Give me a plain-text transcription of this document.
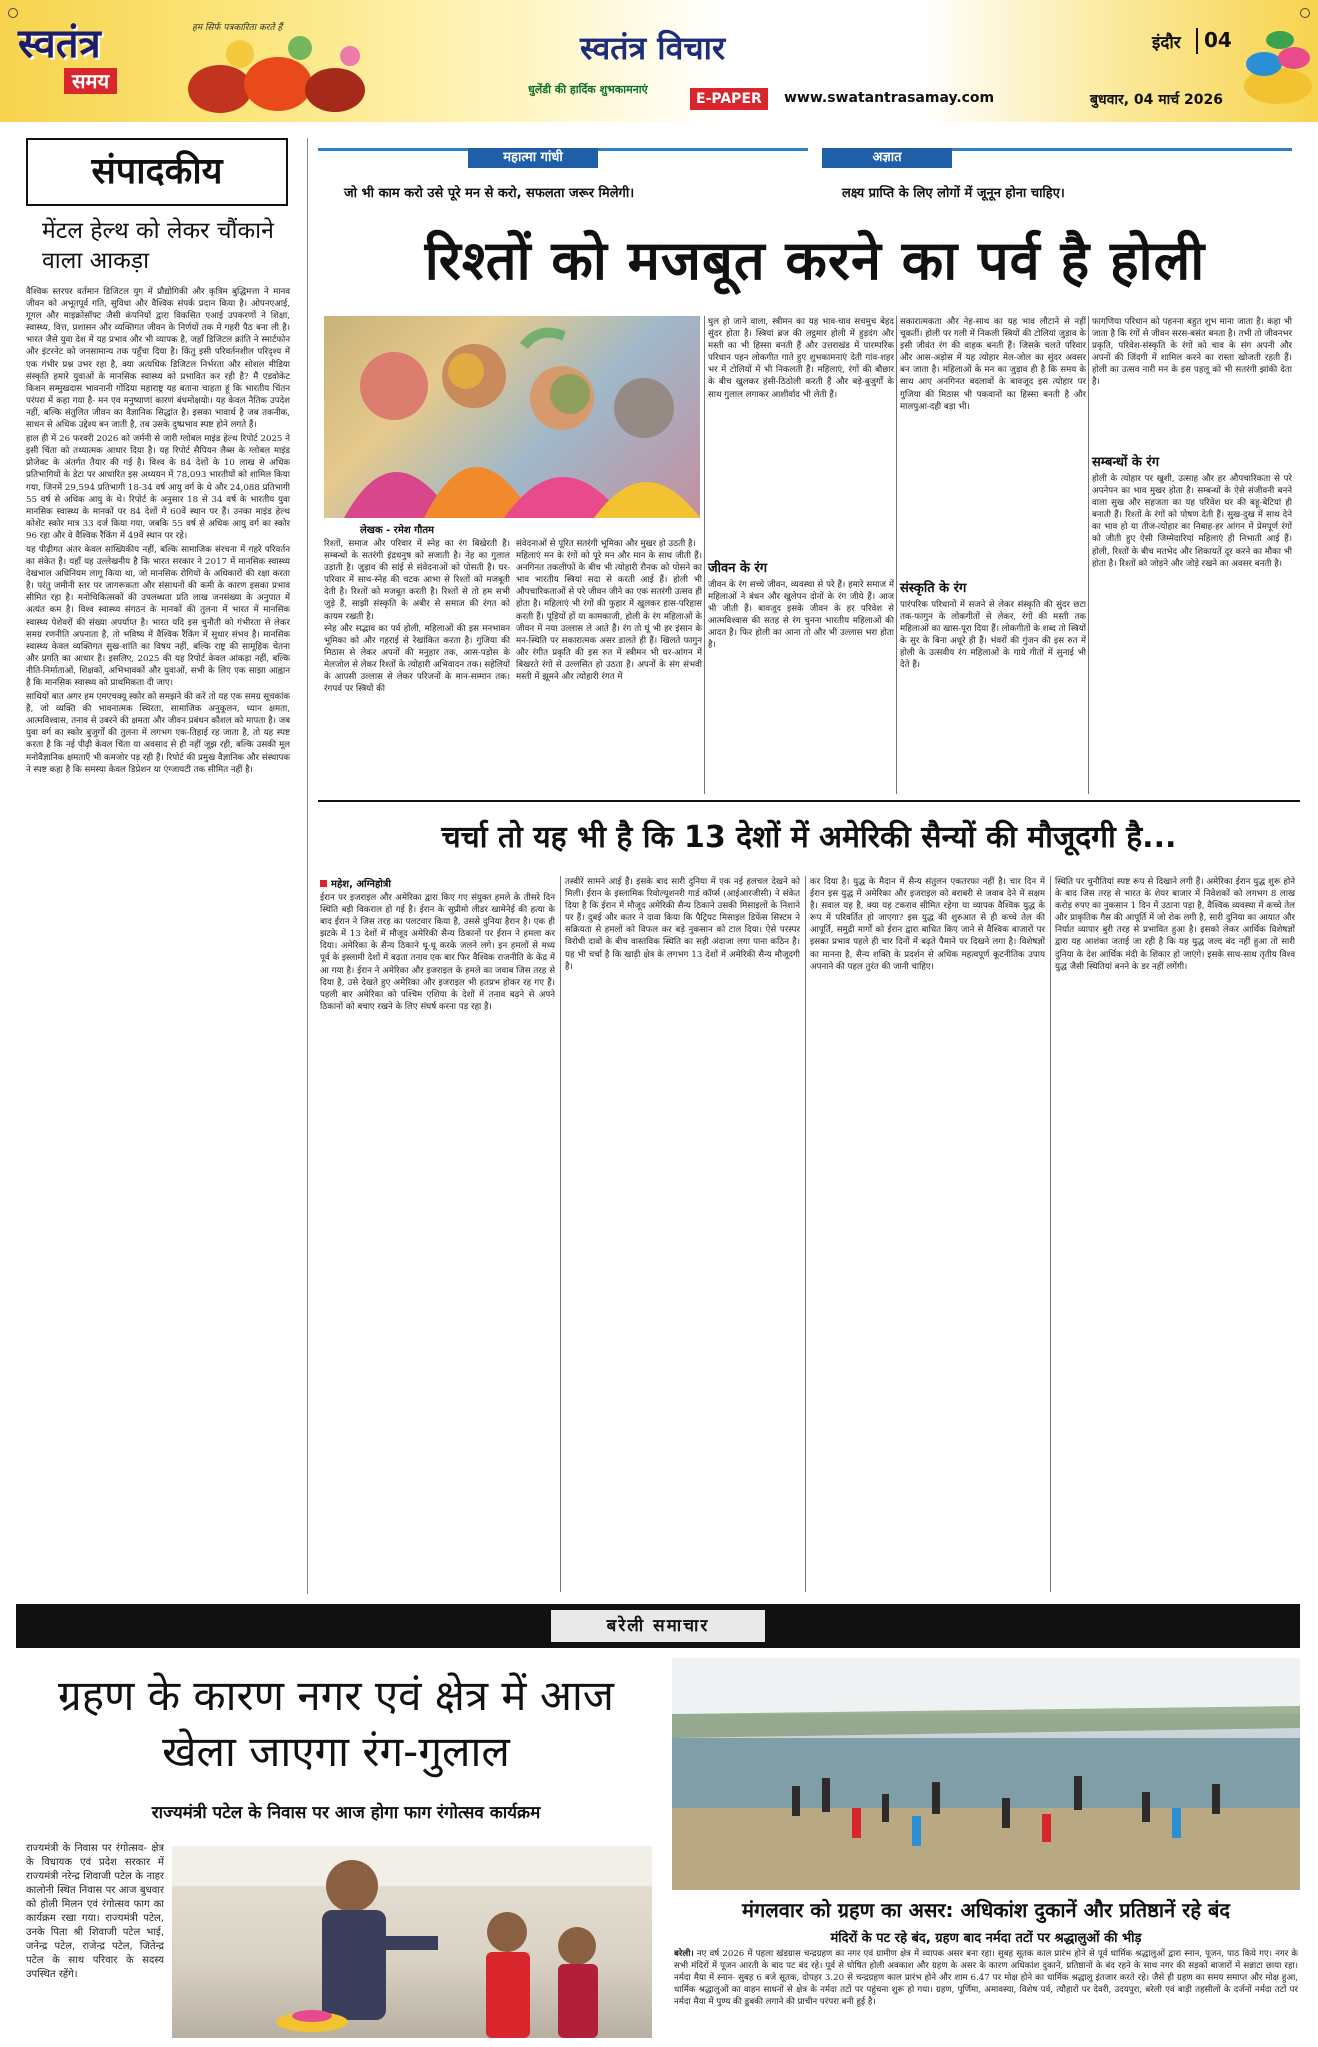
स्वतंत्र
समय
हम सिर्फ पत्रकारिता करते हैं
स्वतंत्र विचार
धुलेंडी की हार्दिक शुभकामनाएं
E-PAPER	www.swatantrasamay.com
इंदौर 04
बुधवार, 04 मार्च 2026
संपादकीय
मेंटल हेल्थ को लेकर चौंकाने वाला आकड़ा

वैश्विक स्तरपर वर्तमान डिजिटल युग में प्रौद्योगिकी और कृत्रिम बुद्धिमत्ता ने मानव जीवन को अभूतपूर्व गति, सुविधा और वैश्विक संपर्क प्रदान किया है। ओपनएआई, गूगल और माइक्रोसॉफ्ट जैसी कंपनियों द्वारा विकसित एआई उपकरणों ने शिक्षा, स्वास्थ्य, वित्त, प्रशासन और व्यक्तिगत जीवन के निर्णयों तक में गहरी पैठ बना ली है। भारत जैसे युवा देश में यह प्रभाव और भी व्यापक है, जहाँ डिजिटल क्रांति ने स्मार्टफोन और इंटरनेट को जनसामान्य तक पहुँचा दिया है। किंतु इसी परिवर्तनशील परिदृश्य में एक गंभीर प्रश्न उभर रहा है, क्या अत्यधिक डिजिटल निर्भरता और सोशल मीडिया संस्कृति हमारे युवाओं के मानसिक स्वास्थ्य को प्रभावित कर रही है? मैं एडवोकेट किशन सम्मुखदास भावनानी गोंदिया महाराष्ट्र यह बताना चाहता हूं कि भारतीय चिंतन परंपरा में कहा गया है- मन एव मनुष्याणां कारणं बंधमोक्षयोः। यह केवल नैतिक उपदेश नहीं, बल्कि संतुलित जीवन का वैज्ञानिक सिद्धांत है। इसका भावार्थ है जब तकनीक, साधन से अधिक उद्देश्य बन जाती है, तब उसके दुष्प्रभाव स्पष्ट होने लगते हैं।

हाल ही में 26 फरवरी 2026 को जर्मनी से जारी ग्लोबल माइंड हेल्थ रिपोर्ट 2025 ने इसी चिंता को तथ्यात्मक आधार दिया है। यह रिपोर्ट सैपियन लैब्स के ग्लोबल माइंड प्रोजेक्ट के अंतर्गत तैयार की गई है। विश्व के 84 देशों के 10 लाख से अधिक प्रतिभागियों के डेटा पर आधारित इस अध्ययन में 78,093 भारतीयों को शामिल किया गया, जिनमें 29,594 प्रतिभागी 18-34 वर्ष आयु वर्ग के थे और 24,088 प्रतिभागी 55 वर्ष से अधिक आयु के थे। रिपोर्ट के अनुसार 18 से 34 वर्ष के भारतीय युवा मानसिक स्वास्थ्य के मानकों पर 84 देशों में 60वें स्थान पर हैं। उनका माइंड हेल्थ कोशेंट स्कोर मात्र 33 दर्ज किया गया, जबकि 55 वर्ष से अधिक आयु वर्ग का स्कोर 96 रहा और वे वैश्विक रैंकिंग में 49वें स्थान पर रहे।

यह पीढ़ीगत अंतर केवल सांख्यिकीय नहीं, बल्कि सामाजिक संरचना में गहरे परिवर्तन का संकेत है। यहाँ यह उल्लेखनीय है कि भारत सरकार ने 2017 में मानसिक स्वास्थ्य देखभाल अधिनियम लागू किया था, जो मानसिक रोगियों के अधिकारों की रक्षा करता है। परंतु जमीनी स्तर पर जागरूकता और संसाधनों की कमी के कारण इसका प्रभाव सीमित रहा है। मनोचिकित्सकों की उपलब्धता प्रति लाख जनसंख्या के अनुपात में अत्यंत कम है। विश्व स्वास्थ्य संगठन के मानकों की तुलना में भारत में मानसिक स्वास्थ्य पेशेवरों की संख्या अपर्याप्त है। भारत यदि इस चुनौती को गंभीरता से लेकर समग्र रणनीति अपनाता है, तो भविष्य में वैश्विक रैंकिंग में सुधार संभव है। मानसिक स्वास्थ्य केवल व्यक्तिगत सुख-शांति का विषय नहीं, बल्कि राष्ट्र की सामूहिक चेतना और प्रगति का आधार है। इसलिए, 2025 की यह रिपोर्ट केवल आंकड़ा नहीं, बल्कि नीति-निर्माताओं, शिक्षकों, अभिभावकों और युवाओं, सभी के लिए एक साझा आह्वान है कि मानसिक स्वास्थ्य को प्राथमिकता दी जाए।

साथियों बात अगर हम एमएचक्यू स्कोर को समझने की करें तो यह एक समग्र सूचकांक है, जो व्यक्ति की भावनात्मक स्थिरता, सामाजिक अनुकूलन, ध्यान क्षमता, आत्मविश्वास, तनाव से उबरने की क्षमता और जीवन प्रबंधन कौशल को मापता है। जब युवा वर्ग का स्कोर बुजुर्गों की तुलना में लगभग एक-तिहाई रह जाता है, तो यह स्पष्ट करता है कि नई पीढ़ी केवल चिंता या अवसाद से ही नहीं जूझ रही, बल्कि उसकी मूल मनोवैज्ञानिक क्षमताएँ भी कमजोर पड़ रही हैं। रिपोर्ट की प्रमुख वैज्ञानिक और संस्थापक ने स्पष्ट कहा है कि समस्या केवल डिप्रेशन या एंग्जायटी तक सीमित नहीं है।

महात्मा गांधी
जो भी काम करो उसे पूरे मन से करो, सफलता जरूर मिलेगी।
अज्ञात
लक्ष्य प्राप्ति के लिए लोगों में जूनून होना चाहिए।
रिश्तों को मजबूत करने का पर्व है होली
लेखक - रमेश गौतम
रिश्तों, समाज और परिवार में स्नेह का रंग बिखेरती है। सम्बन्धों के सतरंगी इंद्रधनुष को सजाती है। नेह का गुलाल उड़ाती है। जुड़ाव की सांई से संवेदनाओं को पोसती है। घर-परिवार में साथ-स्नेह की चटक आभा से रिश्तों को मजबूती देती है। रिश्तों को मजबूत करती है। रिश्तों से तो हम सभी जुड़े हैं, साझी संस्कृति के अबीर से समाज की रंगत को कायम रखती है।
स्नेह और सद्भाव का पर्व होली, महिलाओं की इस मनभावन भूमिका को और गहराई से रेखांकित करता है। गुजिया की मिठास से लेकर अपनों की मनुहार तक, आस-पड़ोस के मेलजोल से लेकर रिश्तों के त्योहारी अभिवादन तक। सहेलियों के आपसी उल्लास से लेकर परिजनों के मान-सम्मान तक। रंगपर्व पर स्त्रियों की
संवेदनाओं से पूरित सतरंगी भूमिका और मुखर हो उठती है।
महिलाएं मन के रंगों को पूरे मन और मान के साथ जीती हैं। अनगिनत तकलीफों के बीच भी त्योहारी रौनक को पोसने का भाव भारतीय स्त्रियां सदा से करती आई हैं। होली भी औपचारिकताओं से परे जीवन जीने का एक सतरंगी उत्सव ही होता है। महिलाएं भी रंगों की फुहार में खुलकर हास-परिहास करती हैं। पूड़ियों हों या कामकाजी, होली के रंग महिलाओं के जीवन में नया उल्लास ले आते हैं। रंग तो घूं भी हर इंसान के मन-स्थिति पर सकारात्मक असर डालते ही हैं। खिलते फागुन और रंगीत प्रकृति की इस रुत में स्त्रीमन भी घर-आंगन में बिखरते रंगों से उल्लसित हो उठता है। अपनों के संग संभवी मस्ती में झूमने और त्योहारी रंगत में
घुल हो जाने वाला, स्त्रीमन का यह भाव-चाव सचमुच बेहद सुंदर होता है। स्त्रियां ब्रज की लट्ठमार होली में हुड़दंग और मस्ती का भी हिस्सा बनती हैं और उत्तराखंड में पारम्परिक परिधान पहन लोकगीत गाते हुए शुभकामनाएं देती गांव-शहर भर में टोलियों में भी निकलती हैं। महिलाएं, रंगों की बौछार के बीच खुलकर हंसी-ठिठोली करती हैं और बड़े-बुजुर्गों के साथ गुलाल लगाकर आशीर्वाद भी लेती हैं।
जीवन के रंग
जीवन के रंग सच्चे जीवन, व्यवस्था से परे हैं। हमारे समाज में महिलाओं ने बंधन और खुलेपन दोनों के रंग जीये हैं। आज भी जीती हैं। बावजूद इसके जीवन के हर परिवेश से आत्मविश्वास की सतह से रंग चुनना भारतीय महिलाओं की आदत है। फिर होली का आना तो और भी उल्लास भरा होता है।
सकारात्मकता और नेह-साथ का यह भाव लौटाने से नहीं चूकतीं। होली पर गली में निकली स्त्रियों की टोलियां जुड़ाव के इसी जीवंत रंग की वाहक बनती हैं। जिसके चलते परिवार और आस-अड़ोस में यह त्योहार मेल-जोल का सुंदर अवसर बन जाता है। महिलाओं के मन का जुड़ाव ही है कि समय के साथ आए अनगिनत बदलावों के बावजूद इस त्योहार पर गुजिया की मिठास भी पकवानों का हिस्सा बनती है और मालपुआ-दही बड़ा भी।
संस्कृति के रंग
पारंपरिक परिधानों में सजने से लेकर संस्कृति की सुंदर छटा तक-फागुन के लोकगीतों से लेकर, रंगों की मस्ती तक महिलाओं का खास-पूरा दिया हैं। लोकगीतों के शब्द तो स्त्रियों के सुर के बिना अधूरे ही हैं। भंवरों की गुंजन की इस रुत में होली के उत्सवीय रंग महिलाओं के गाये गीतों में सुनाई भी देते हैं।
फागणिया परिधान को पहनना बहुत शुभ माना जाता है। कहा भी जाता है कि रंगों से जीवन सरस-बसंत बनता है। तभी तो जीवनभर प्रकृति, परिवेश-संस्कृति के रंगों को चाव के संग अपनी और अपनों की जिंदगी में शामिल करने का रास्ता खोजती रहती हैं। होली का उत्सव नारी मन के इस पहलू को भी सतरंगी झांकी देता है।
सम्बन्धों के रंग
होली के त्योहार पर खुशी, उत्साह और हर औपचारिकता से परे अपनेपन का भाव मुखर होता है। सम्बन्धों के ऐसे संजीवनी बनने वाला सुख और सहजता का यह परिवेश घर की बहू-बेटियां ही बनाती हैं। रिश्तों के रंगों को पोषण देती हैं। सुख-दुख में साथ देने का भाव हो या तीज-त्योहार का निबाह-हर आंगन में प्रेमपूर्ण रंगों को जीती हुए ऐसी जिम्मेदारियां महिलाएं ही निभाती आई हैं। होली, रिश्तों के बीच मतभेद और शिकायतें दूर करने का मौका भी होता है। रिश्तों को जोड़ने और जोड़े रखने का अवसर बनती है।
चर्चा तो यह भी है कि 13 देशों में अमेरिकी सैन्यों की मौजूदगी है...
महेश, अग्निहोत्री
ईरान पर इजराइल और अमेरिका द्वारा किए गए संयुक्त हमले के तीसरे दिन स्थिति बड़ी विकराल हो गई है। ईरान के सुप्रीमो लीडर खामेनेई की हत्या के बाद ईरान ने जिस तरह का पलटवार किया है, उससे दुनिया हैरान है। एक ही झटके में 13 देशों में मौजूद अमेरिकी सैन्य ठिकानों पर ईरान ने हमला कर दिया। अमेरिका के सैन्य ठिकाने धू-धू करके जलने लगे। इन हमलों से मध्य पूर्व के इस्लामी देशों में बढ़ता तनाव एक बार फिर वैश्विक राजनीति के केंद्र में आ गया है। ईरान ने अमेरिका और इजराइल के हमले का जवाब जिस तरह से दिया है, उसे देखते हुए अमेरिका और इजराइल भी हतप्रभ होकर रह गए हैं। पहली बार अमेरिका को पश्चिम एशिया के देशों में तनाव बढ़ने से अपने ठिकानों को बचाए रखने के लिए संघर्ष करना पड़ रहा है।
तस्वीरें सामने आई हैं। इसके बाद सारी दुनिया में एक नई हलचल देखने को मिली। ईरान के इस्लामिक रिवोल्यूशनरी गार्ड कॉर्प्स (आईआरजीसी) ने संकेत दिया है कि ईरान में मौजूद अमेरिकी सैन्य ठिकाने उसकी मिसाइलों के निशाने पर हैं। दुबई और कतर ने दावा किया कि पैट्रियट मिसाइल डिफेंस सिस्टम ने सक्रियता से हमलों को विफल कर बड़े नुकसान को टाल दिया। ऐसे परस्पर विरोधी दावों के बीच वास्तविक स्थिति का सही अंदाजा लगा पाना कठिन है। यह भी चर्चा है कि खाड़ी क्षेत्र के लगभग 13 देशों में अमेरिकी सैन्य मौजूदगी है।
कर दिया है। युद्ध के मैदान में सैन्य संतुलन एकतरफा नहीं है। चार दिन में ईरान इस युद्ध में अमेरिका और इजराइल को बराबरी से जवाब देने में सक्षम है। सवाल यह है, क्या यह टकराव सीमित रहेगा या व्यापक वैश्विक युद्ध के रूप में परिवर्तित हो जाएगा? इस युद्ध की शुरुआत से ही कच्चे तेल की आपूर्ति, समुद्री मार्गों को ईरान द्वारा बाधित किए जाने से वैश्विक बाजारों पर इसका प्रभाव पहले ही चार दिनों में बढ़ते पैमाने पर दिखने लगा है। विशेषज्ञों का मानना है, सैन्य शक्ति के प्रदर्शन से अधिक महत्वपूर्ण कूटनीतिक उपाय अपनाने की पहल तुरंत की जानी चाहिए।
स्थिति पर चुनौतियां स्पष्ट रूप से दिखाने लगी हैं। अमेरिका ईरान युद्ध शुरू होने के बाद जिस तरह से भारत के शेयर बाजार में निवेशकों को लगभग 8 लाख करोड़ रुपए का नुकसान 1 दिन में उठाना पड़ा है, वैश्विक व्यवस्था में कच्चे तेल और प्राकृतिक गैस की आपूर्ति में जो रोक लगी है, सारी दुनिया का आयात और निर्यात व्यापार बुरी तरह से प्रभावित हुआ है। इसको लेकर आर्थिक विशेषज्ञों द्वारा यह आशंका जताई जा रही है कि यह युद्ध जल्द बंद नहीं हुआ तो सारी दुनिया के देश आर्थिक मंदी के शिकार हो जाएंगे। इसके साथ-साथ तृतीय विश्व युद्ध जैसी स्थितियां बनने के डर नहीं लगेंगी।
बरेली समाचार
ग्रहण के कारण नगर एवं क्षेत्र में आज खेला जाएगा रंग-गुलाल
राज्यमंत्री पटेल के निवास पर आज होगा फाग रंगोत्सव कार्यक्रम
राज्यमंत्री के निवास पर रंगोत्सव- क्षेत्र के विधायक एवं प्रदेश सरकार में राज्यमंत्री नरेन्द्र शिवाजी पटेल के नाहर कालोनी स्थित निवास पर आज बुधवार को होली मिलन एवं रंगोत्सव फाग का कार्यक्रम रखा गया। राज्यमंत्री पटेल, उनके पिता श्री शिवाजी पटेल भाई, जनेन्द्र पटेल, राजेन्द्र पटेल, जितेन्द्र पटेल के साथ परिवार के सदस्य उपस्थित रहेंगे।
मंगलवार को ग्रहण का असर: अधिकांश दुकानें और प्रतिष्ठानें रहे बंद
मंदिरों के पट रहे बंद, ग्रहण बाद नर्मदा तटों पर श्रद्धालुओं की भीड़
बरेली। नए वर्ष 2026 में पहला खंडग्रास चन्द्रग्रहण का नगर एवं ग्रामीण क्षेत्र में व्यापक असर बना रहा। सुबह सूतक काल प्रारंभ होने से पूर्व धार्मिक श्रद्धालुओं द्वारा स्नान, पूजन, पाठ किये गए। नगर के सभी मंदिरों में पूजन आरती के बाद पट बंद रहे। पूर्व से घोषित होली अवकाश और ग्रहण के असर के कारण अधिकांश दुकानें, प्रतिष्ठानों के बंद रहने के साथ नगर की सड़कों बाजारों में सन्नाटा छाया रहा। नर्मदा मैया में स्नान- सुबह 6 बजे सूतक, दोपहर 3.20 से चन्द्रग्रहण काल प्रारंभ होने और शाम 6.47 पर मोक्ष होने का धार्मिक श्रद्धालु इंतजार करते रहे। जैसे ही ग्रहण का समय समाप्त और मोक्ष हुआ, धार्मिक श्रद्धालुओं का वाहन साधनों से क्षेत्र के नर्मदा तटों पर पहुंचना शुरू हो गया। ग्रहण, पूर्णिमा, अमावस्या, विशेष पर्व, त्यौहारों पर देवरी, उदयपुरा, बरेली एवं बाड़ी तहसीलों के दर्जनों नर्मदा तटों पर नर्मदा मैया में पुण्य की डुबकी लगाने की प्राचीन परंपरा बनी हुई है।
